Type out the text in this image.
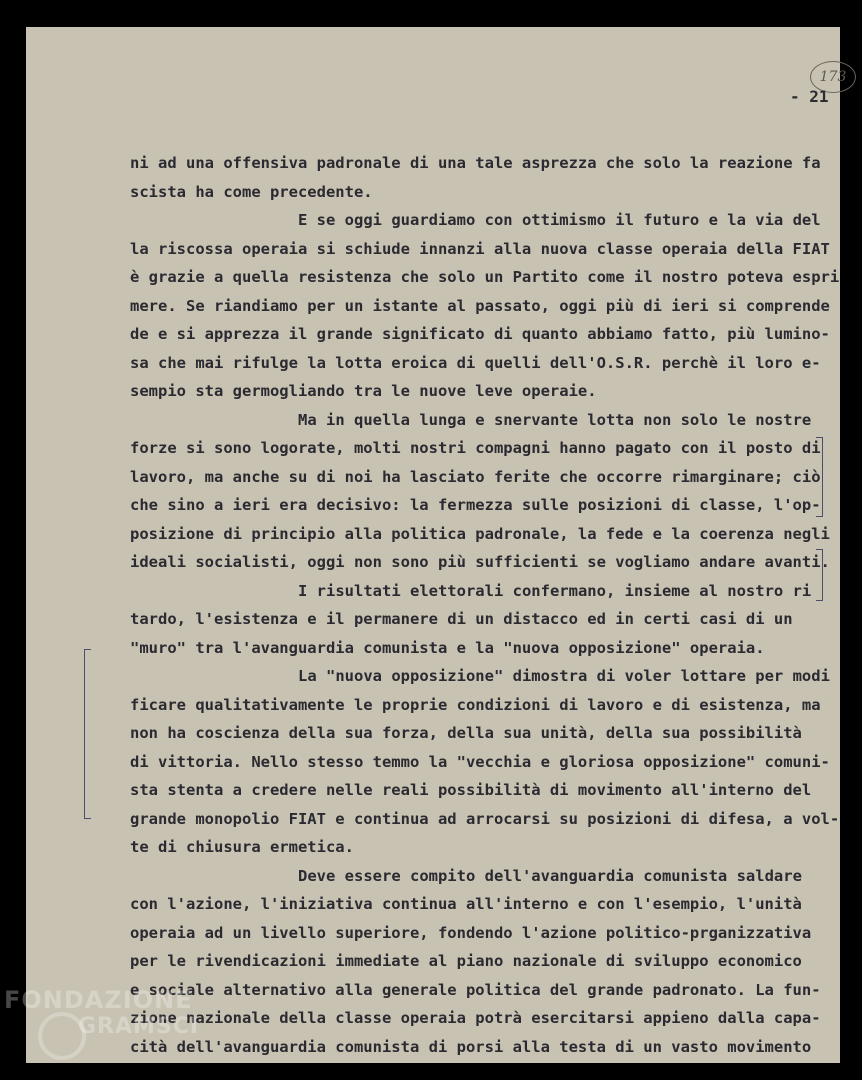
173
- 21
ni ad una offensiva padronale di una tale asprezza che solo la reazione fa
scista ha come precedente.
E se oggi guardiamo con ottimismo il futuro e la via del
la riscossa operaia si schiude innanzi alla nuova classe operaia della FIAT
è grazie a quella resistenza che solo un Partito come il nostro poteva espri
mere. Se riandiamo per un istante al passato, oggi più di ieri si comprende
de e si apprezza il grande significato di quanto abbiamo fatto, più lumino-
sa che mai rifulge la lotta eroica di quelli dell'O.S.R. perchè il loro e-
sempio sta germogliando tra le nuove leve operaie.
Ma in quella lunga e snervante lotta non solo le nostre
forze si sono logorate, molti nostri compagni hanno pagato con il posto di
lavoro, ma anche su di noi ha lasciato ferite che occorre rimarginare; ciò
che sino a ieri era decisivo: la fermezza sulle posizioni di classe, l'op-
posizione di principio alla politica padronale, la fede e la coerenza negli
ideali socialisti, oggi non sono più sufficienti se vogliamo andare avanti.
I risultati elettorali confermano, insieme al nostro ri
tardo, l'esistenza e il permanere di un distacco ed in certi casi di un
"muro" tra l'avanguardia comunista e la "nuova opposizione" operaia.
La "nuova opposizione" dimostra di voler lottare per modi
ficare qualitativamente le proprie condizioni di lavoro e di esistenza, ma
non ha coscienza della sua forza, della sua unità, della sua possibilità
di vittoria. Nello stesso temmo la "vecchia e gloriosa opposizione" comuni-
sta stenta a credere nelle reali possibilità di movimento all'interno del
grande monopolio FIAT e continua ad arrocarsi su posizioni di difesa, a vol-
te di chiusura ermetica.
Deve essere compito dell'avanguardia comunista saldare
con l'azione, l'iniziativa continua all'interno e con l'esempio, l'unità
operaia ad un livello superiore, fondendo l'azione politico-prganizzativa
per le rivendicazioni immediate al piano nazionale di sviluppo economico
e sociale alternativo alla generale politica del grande padronato. La fun-
zione nazionale della classe operaia potrà esercitarsi appieno dalla capa-
cità dell'avanguardia comunista di porsi alla testa di un vasto movimento
FONDAZIONE
GRAMSCI
